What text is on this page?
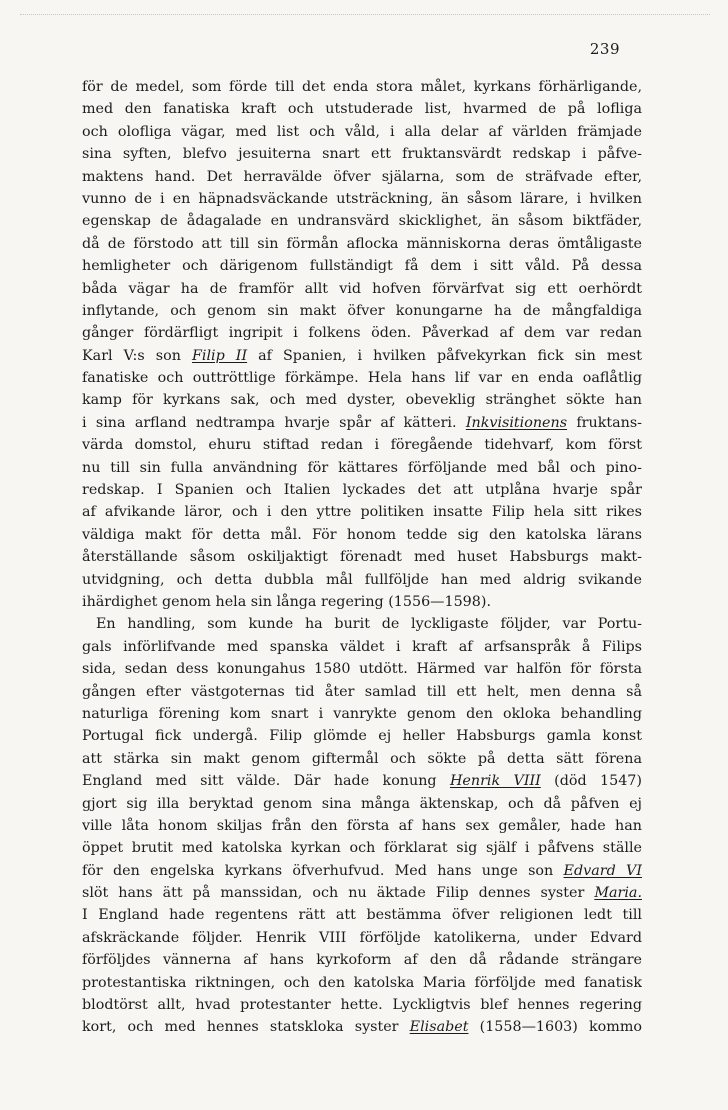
239
för de medel, som förde till det enda stora målet, kyrkans förhärligande,
med den fanatiska kraft och utstuderade list, hvarmed de på lofliga
och olofliga vägar, med list och våld, i alla delar af världen främjade
sina syften, blefvo jesuiterna snart ett fruktansvärdt redskap i påfve-
maktens hand. Det herravälde öfver själarna, som de sträfvade efter,
vunno de i en häpnadsväckande utsträckning, än såsom lärare, i hvilken
egenskap de ådagalade en undransvärd skicklighet, än såsom biktfäder,
då de förstodo att till sin förmån aflocka människorna deras ömtåligaste
hemligheter och därigenom fullständigt få dem i sitt våld. På dessa
båda vägar ha de framför allt vid hofven förvärfvat sig ett oerhördt
inflytande, och genom sin makt öfver konungarne ha de mångfaldiga
gånger fördärfligt ingripit i folkens öden. Påverkad af dem var redan
Karl V:s son Filip II af Spanien, i hvilken påfvekyrkan fick sin mest
fanatiske och outtröttlige förkämpe. Hela hans lif var en enda oaflåtlig
kamp för kyrkans sak, och med dyster, obeveklig stränghet sökte han
i sina arfland nedtrampa hvarje spår af kätteri. Inkvisitionens fruktans-
värda domstol, ehuru stiftad redan i föregående tidehvarf, kom först
nu till sin fulla användning för kättares förföljande med bål och pino-
redskap. I Spanien och Italien lyckades det att utplåna hvarje spår
af afvikande läror, och i den yttre politiken insatte Filip hela sitt rikes
väldiga makt för detta mål. För honom tedde sig den katolska lärans
återställande såsom oskiljaktigt förenadt med huset Habsburgs makt-
utvidgning, och detta dubbla mål fullföljde han med aldrig svikande
ihärdighet genom hela sin långa regering (1556—1598).
En handling, som kunde ha burit de lyckligaste följder, var Portu-
gals införlifvande med spanska väldet i kraft af arfsanspråk å Filips
sida, sedan dess konungahus 1580 utdött. Härmed var halfön för första
gången efter västgoternas tid åter samlad till ett helt, men denna så
naturliga förening kom snart i vanrykte genom den okloka behandling
Portugal fick undergå. Filip glömde ej heller Habsburgs gamla konst
att stärka sin makt genom giftermål och sökte på detta sätt förena
England med sitt välde. Där hade konung Henrik VIII (död 1547)
gjort sig illa beryktad genom sina många äktenskap, och då påfven ej
ville låta honom skiljas från den första af hans sex gemåler, hade han
öppet brutit med katolska kyrkan och förklarat sig själf i påfvens ställe
för den engelska kyrkans öfverhufvud. Med hans unge son Edvard VI
slöt hans ätt på manssidan, och nu äktade Filip dennes syster Maria.
I England hade regentens rätt att bestämma öfver religionen ledt till
afskräckande följder. Henrik VIII förföljde katolikerna, under Edvard
förföljdes vännerna af hans kyrkoform af den då rådande strängare
protestantiska riktningen, och den katolska Maria förföljde med fanatisk
blodtörst allt, hvad protestanter hette. Lyckligtvis blef hennes regering
kort, och med hennes statskloka syster Elisabet (1558—1603) kommo
